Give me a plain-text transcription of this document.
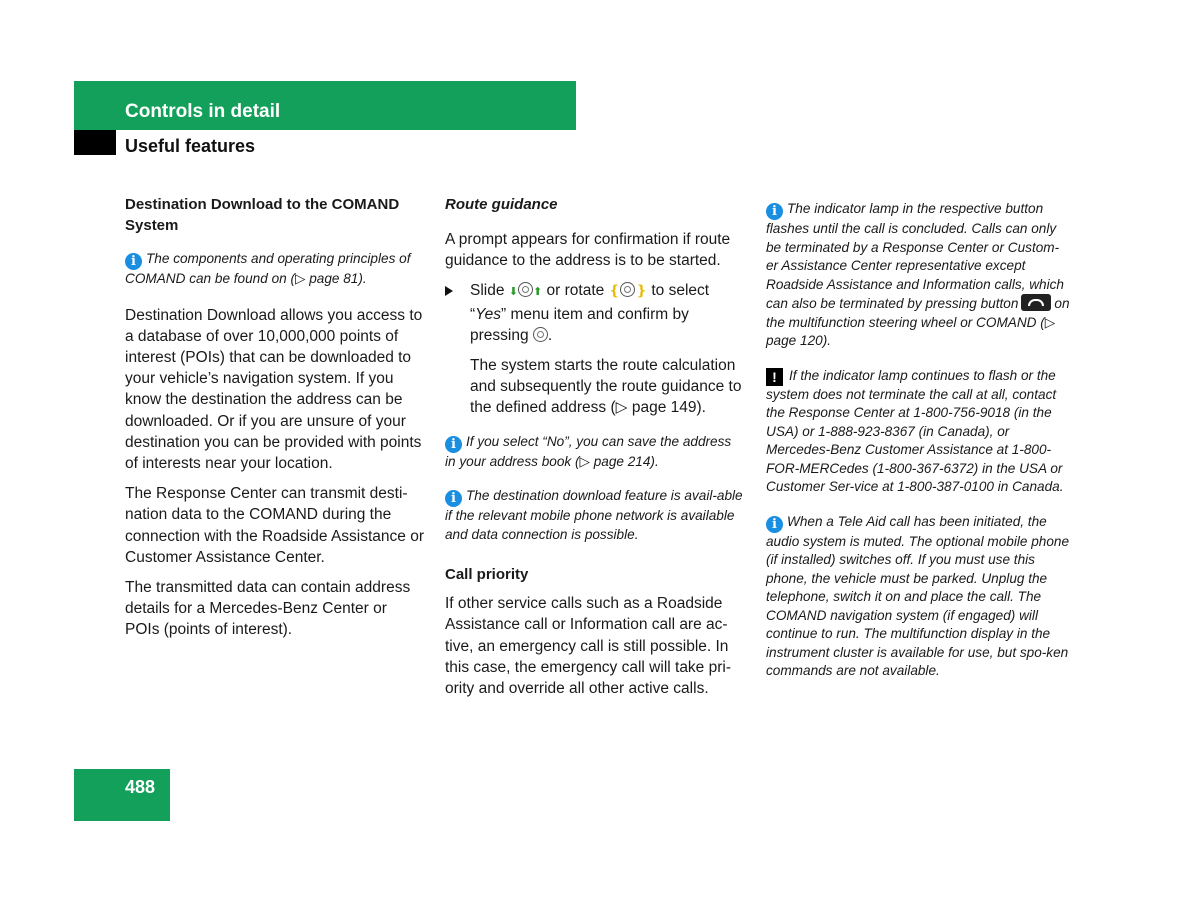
Controls in detail
Useful features
Destination Download to the COMAND System
i The components and operating principles of COMAND can be found on (▷ page 81).

Destination Download allows you access to a database of over 10,000,000 points of interest (POIs) that can be downloaded to your vehicle’s navigation system. If you know the destination the address can be downloaded. Or if you are unsure of your destination you can be provided with points of interests near your location.

The Response Center can transmit desti-nation data to the COMAND during the connection with the Roadside Assistance or Customer Assistance Center.

The transmitted data can contain address details for a Mercedes-Benz Center or POIs (points of interest).

Route guidance

A prompt appears for confirmation if route guidance to the address is to be started.

Slide ⬇ ⬆ or rotate ❴ ❵ to select “Yes” menu item and confirm by pressing .

The system starts the route calculation and subsequently the route guidance to the defined address (▷ page 149).

i If you select “No”, you can save the address in your address book (▷ page 214).
i The destination download feature is avail-able if the relevant mobile phone network is available and data connection is possible.
Call priority

If other service calls such as a Roadside Assistance call or Information call are ac-tive, an emergency call is still possible. In this case, the emergency call will take pri-ority and override all other active calls.

i The indicator lamp in the respective button flashes until the call is concluded. Calls can only be terminated by a Response Center or Custom-er Assistance Center representative except Roadside Assistance and Information calls, which can also be terminated by pressing button	on the multifunction steering wheel or COMAND (▷ page 120).
! If the indicator lamp continues to flash or the system does not terminate the call at all, contact the Response Center at 1-800-756-9018 (in the USA) or 1-888-923-8367 (in Canada), or Mercedes-Benz Customer Assistance at 1-800-FOR-MERCedes (1-800-367-6372) in the USA or Customer Ser-vice at 1-800-387-0100 in Canada.
i When a Tele Aid call has been initiated, the audio system is muted. The optional mobile phone (if installed) switches off. If you must use this phone, the vehicle must be parked. Unplug the telephone, switch it on and place the call. The COMAND navigation system (if engaged) will continue to run. The multifunction display in the instrument cluster is available for use, but spo-ken commands are not available.
488
